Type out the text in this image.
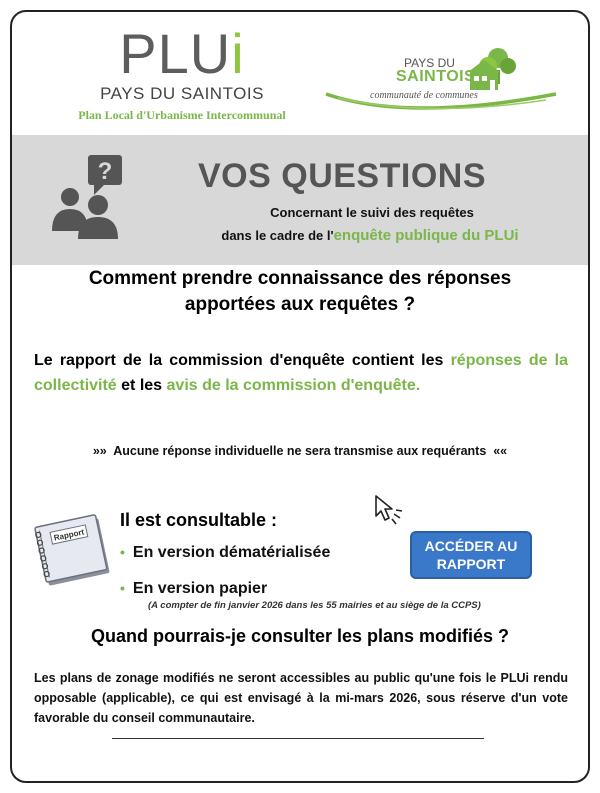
PLUi
PAYS DU SAINTOIS
Plan Local d'Urbanisme Intercommunal
PAYS DU
SAINTOIS
communauté de communes
?	VOS QUESTIONS
Concernant le suivi des requêtes
dans le cadre de l'enquête publique du PLUi
Comment prendre connaissance des réponses
apportées aux requêtes ?
Le rapport de la commission d'enquête contient les réponses de la collectivité et les avis de la commission d'enquête.
»» Aucune réponse individuelle ne sera transmise aux requérants ««
Rapport
Il est consultable :
• En version dématérialisée
• En version papier
(A compter de fin janvier 2026 dans les 55 mairies et au siège de la CCPS)
ACCÉDER AU
RAPPORT
Quand pourrais-je consulter les plans modifiés ?
Les plans de zonage modifiés ne seront accessibles au public qu'une fois le PLUi rendu opposable (applicable), ce qui est envisagé à la mi-mars 2026, sous réserve d'un vote favorable du conseil communautaire.
